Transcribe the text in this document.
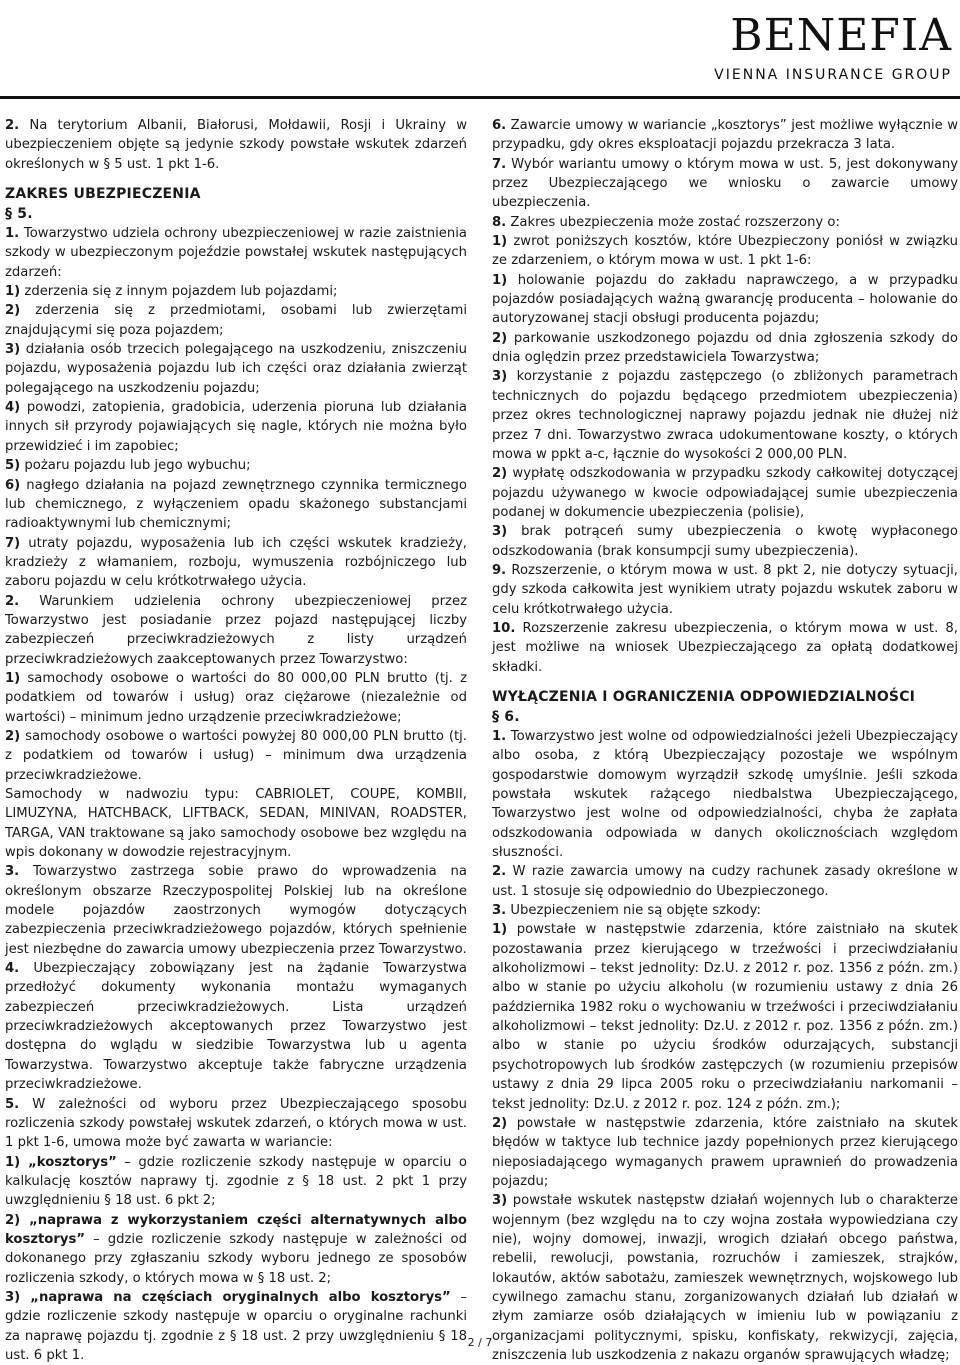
BENEFIA
VIENNA INSURANCE GROUP

2. Na terytorium Albanii, Białorusi, Mołdawii, Rosji i Ukrainy w ubezpieczeniem objęte są jedynie szkody powstałe wskutek zdarzeń określonych w § 5 ust. 1 pkt 1-6.

ZAKRES UBEZPIECZENIA
§ 5.

1. Towarzystwo udziela ochrony ubezpieczeniowej w razie zaistnienia szkody w ubezpieczonym pojeździe powstałej wskutek następujących zdarzeń:

1) zderzenia się z innym pojazdem lub pojazdami;

2) zderzenia się z przedmiotami, osobami lub zwierzętami znajdującymi się poza pojazdem;

3) działania osób trzecich polegającego na uszkodzeniu, zniszczeniu pojazdu, wyposażenia pojazdu lub ich części oraz działania zwierząt polegającego na uszkodzeniu pojazdu;

4) powodzi, zatopienia, gradobicia, uderzenia pioruna lub działania innych sił przyrody pojawiających się nagle, których nie można było przewidzieć i im zapobiec;

5) pożaru pojazdu lub jego wybuchu;

6) nagłego działania na pojazd zewnętrznego czynnika termicznego lub chemicznego, z wyłączeniem opadu skażonego substancjami radioaktywnymi lub chemicznymi;

7) utraty pojazdu, wyposażenia lub ich części wskutek kradzieży, kradzieży z włamaniem, rozboju, wymuszenia rozbójniczego lub zaboru pojazdu w celu krótkotrwałego użycia.

2. Warunkiem udzielenia ochrony ubezpieczeniowej przez Towarzystwo jest posiadanie przez pojazd następującej liczby zabezpieczeń przeciwkradzieżowych z listy urządzeń przeciwkradzieżowych zaakceptowanych przez Towarzystwo:

1) samochody osobowe o wartości do 80 000,00 PLN brutto (tj. z podatkiem od towarów i usług) oraz ciężarowe (niezależnie od wartości) – minimum jedno urządzenie przeciwkradzieżowe;

2) samochody osobowe o wartości powyżej 80 000,00 PLN brutto (tj. z podatkiem od towarów i usług) – minimum dwa urządzenia przeciwkradzieżowe.

Samochody w nadwoziu typu: CABRIOLET, COUPE, KOMBII, LIMUZYNA, HATCHBACK, LIFTBACK, SEDAN, MINIVAN, ROADSTER, TARGA, VAN traktowane są jako samochody osobowe bez względu na wpis dokonany w dowodzie rejestracyjnym.

3. Towarzystwo zastrzega sobie prawo do wprowadzenia na określonym obszarze Rzeczypospolitej Polskiej lub na określone modele pojazdów zaostrzonych wymogów dotyczących zabezpieczenia przeciwkradzieżowego pojazdów, których spełnienie jest niezbędne do zawarcia umowy ubezpieczenia przez Towarzystwo.

4. Ubezpieczający zobowiązany jest na żądanie Towarzystwa przedłożyć dokumenty wykonania montażu wymaganych zabezpieczeń przeciwkradzieżowych. Lista urządzeń przeciwkradzieżowych akceptowanych przez Towarzystwo jest dostępna do wglądu w siedzibie Towarzystwa lub u agenta Towarzystwa. Towarzystwo akceptuje także fabryczne urządzenia przeciwkradzieżowe.

5. W zależności od wyboru przez Ubezpieczającego sposobu rozliczenia szkody powstałej wskutek zdarzeń, o których mowa w ust. 1 pkt 1-6, umowa może być zawarta w wariancie:

1) „kosztorys” – gdzie rozliczenie szkody następuje w oparciu o kalkulację kosztów naprawy tj. zgodnie z § 18 ust. 2 pkt 1 przy uwzględnieniu § 18 ust. 6 pkt 2;

2) „naprawa z wykorzystaniem części alternatywnych albo kosztorys” – gdzie rozliczenie szkody następuje w zależności od dokonanego przy zgłaszaniu szkody wyboru jednego ze sposobów rozliczenia szkody, o których mowa w § 18 ust. 2;

3) „naprawa na częściach oryginalnych albo kosztorys” – gdzie rozliczenie szkody następuje w oparciu o oryginalne rachunki za naprawę pojazdu tj. zgodnie z § 18 ust. 2 przy uwzględnieniu § 18 ust. 6 pkt 1.

6. Zawarcie umowy w wariancie „kosztorys” jest możliwe wyłącznie w przypadku, gdy okres eksploatacji pojazdu przekracza 3 lata.

7. Wybór wariantu umowy o którym mowa w ust. 5, jest dokonywany przez Ubezpieczającego we wniosku o zawarcie umowy ubezpieczenia.

8. Zakres ubezpieczenia może zostać rozszerzony o:

1) zwrot poniższych kosztów, które Ubezpieczony poniósł w związku ze zdarzeniem, o którym mowa w ust. 1 pkt 1-6:

1) holowanie pojazdu do zakładu naprawczego, a w przypadku pojazdów posiadających ważną gwarancję producenta – holowanie do autoryzowanej stacji obsługi producenta pojazdu;

2) parkowanie uszkodzonego pojazdu od dnia zgłoszenia szkody do dnia oględzin przez przedstawiciela Towarzystwa;

3) korzystanie z pojazdu zastępczego (o zbliżonych parametrach technicznych do pojazdu będącego przedmiotem ubezpieczenia) przez okres technologicznej naprawy pojazdu jednak nie dłużej niż przez 7 dni. Towarzystwo zwraca udokumentowane koszty, o których mowa w ppkt a-c, łącznie do wysokości 2 000,00 PLN.

2) wypłatę odszkodowania w przypadku szkody całkowitej dotyczącej pojazdu używanego w kwocie odpowiadającej sumie ubezpieczenia podanej w dokumencie ubezpieczenia (polisie),

3) brak potrąceń sumy ubezpieczenia o kwotę wypłaconego odszkodowania (brak konsumpcji sumy ubezpieczenia).

9. Rozszerzenie, o którym mowa w ust. 8 pkt 2, nie dotyczy sytuacji, gdy szkoda całkowita jest wynikiem utraty pojazdu wskutek zaboru w celu krótkotrwałego użycia.

10. Rozszerzenie zakresu ubezpieczenia, o którym mowa w ust. 8, jest możliwe na wniosek Ubezpieczającego za opłatą dodatkowej składki.

WYŁĄCZENIA I OGRANICZENIA ODPOWIEDZIALNOŚCI
§ 6.

1. Towarzystwo jest wolne od odpowiedzialności jeżeli Ubezpieczający albo osoba, z którą Ubezpieczający pozostaje we wspólnym gospodarstwie domowym wyrządził szkodę umyślnie. Jeśli szkoda powstała wskutek rażącego niedbalstwa Ubezpieczającego, Towarzystwo jest wolne od odpowiedzialności, chyba że zapłata odszkodowania odpowiada w danych okolicznościach względom słuszności.

2. W razie zawarcia umowy na cudzy rachunek zasady określone w ust. 1 stosuje się odpowiednio do Ubezpieczonego.

3. Ubezpieczeniem nie są objęte szkody:

1) powstałe w następstwie zdarzenia, które zaistniało na skutek pozostawania przez kierującego w trzeźwości i przeciwdziałaniu alkoholizmowi – tekst jednolity: Dz.U. z 2012 r. poz. 1356 z późn. zm.) albo w stanie po użyciu alkoholu (w rozumieniu ustawy z dnia 26 października 1982 roku o wychowaniu w trzeźwości i przeciwdziałaniu alkoholizmowi – tekst jednolity: Dz.U. z 2012 r. poz. 1356 z późn. zm.) albo w stanie po użyciu środków odurzających, substancji psychotropowych lub środków zastępczych (w rozumieniu przepisów ustawy z dnia 29 lipca 2005 roku o przeciwdziałaniu narkomanii – tekst jednolity: Dz.U. z 2012 r. poz. 124 z późn. zm.);

2) powstałe w następstwie zdarzenia, które zaistniało na skutek błędów w taktyce lub technice jazdy popełnionych przez kierującego nieposiadającego wymaganych prawem uprawnień do prowadzenia pojazdu;

3) powstałe wskutek następstw działań wojennych lub o charakterze wojennym (bez względu na to czy wojna została wypowiedziana czy nie), wojny domowej, inwazji, wrogich działań obcego państwa, rebelii, rewolucji, powstania, rozruchów i zamieszek, strajków, lokautów, aktów sabotażu, zamieszek wewnętrznych, wojskowego lub cywilnego zamachu stanu, zorganizowanych działań lub działań w złym zamiarze osób działających w imieniu lub w powiązaniu z organizacjami politycznymi, spisku, konfiskaty, rekwizycji, zajęcia, zniszczenia lub uszkodzenia z nakazu organów sprawujących władzę;

2 / 7
